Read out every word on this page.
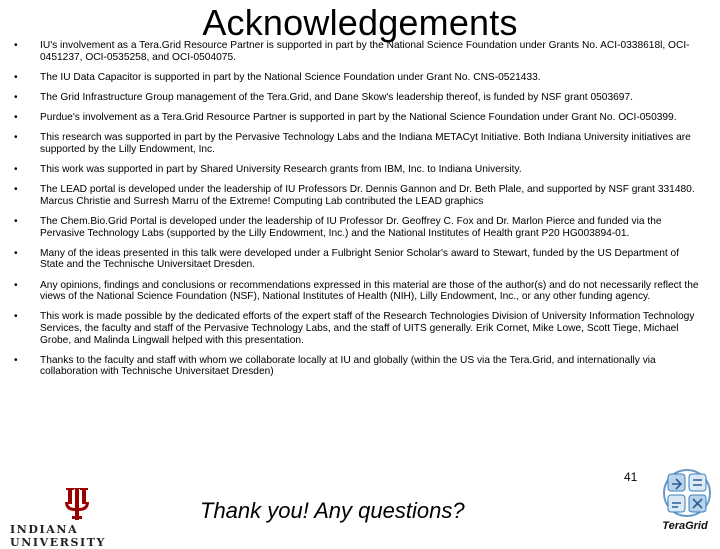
Acknowledgements
•	IU's involvement as a Tera.Grid Resource Partner is supported in part by the National Science Foundation under Grants No. ACI-0338618l, OCI-0451237, OCI-0535258, and OCI-0504075.
•	The IU Data Capacitor is supported in part by the National Science Foundation under Grant No. CNS-0521433.
•	The Grid Infrastructure Group management of the Tera.Grid, and Dane Skow's leadership thereof, is funded by NSF grant 0503697.
•	Purdue's involvement as a Tera.Grid Resource Partner is supported in part by the National Science Foundation under Grant No. OCI-050399.
•	This research was supported in part by the Pervasive Technology Labs and the Indiana METACyt Initiative. Both Indiana University initiatives are supported by the Lilly Endowment, Inc.
•	This work was supported in part by Shared University Research grants from IBM, Inc. to Indiana University.
•	The LEAD portal is developed under the leadership of IU Professors Dr. Dennis Gannon and Dr. Beth Plale, and supported by NSF grant 331480. Marcus Christie and Surresh Marru of the Extreme! Computing Lab contributed the LEAD graphics
•	The Chem.Bio.Grid Portal is developed under the leadership of IU Professor Dr. Geoffrey C. Fox and Dr. Marlon Pierce and funded via the Pervasive Technology Labs (supported by the Lilly Endowment, Inc.) and the National Institutes of Health grant P20 HG003894-01.
•	Many of the ideas presented in this talk were developed under a Fulbright Senior Scholar's award to Stewart, funded by the US Department of State and the Technische Universitaet Dresden.
•	Any opinions, findings and conclusions or recommendations expressed in this material are those of the author(s) and do not necessarily reflect the views of the National Science Foundation (NSF), National Institutes of Health (NIH), Lilly Endowment, Inc., or any other funding agency.
•	This work is made possible by the dedicated efforts of the expert staff of the Research Technologies Division of University Information Technology Services, the faculty and staff of the Pervasive Technology Labs, and the staff of UITS generally. Erik Cornet, Mike Lowe, Scott Tiege, Michael Grobe, and Malinda Lingwall helped with this presentation.
•	Thanks to the faculty and staff with whom we collaborate locally at IU and globally (within the US via the Tera.Grid, and internationally via collaboration with Technische Universitaet Dresden)
INDIANA UNIVERSITY
Thank you! Any questions?
41
TeraGrid
